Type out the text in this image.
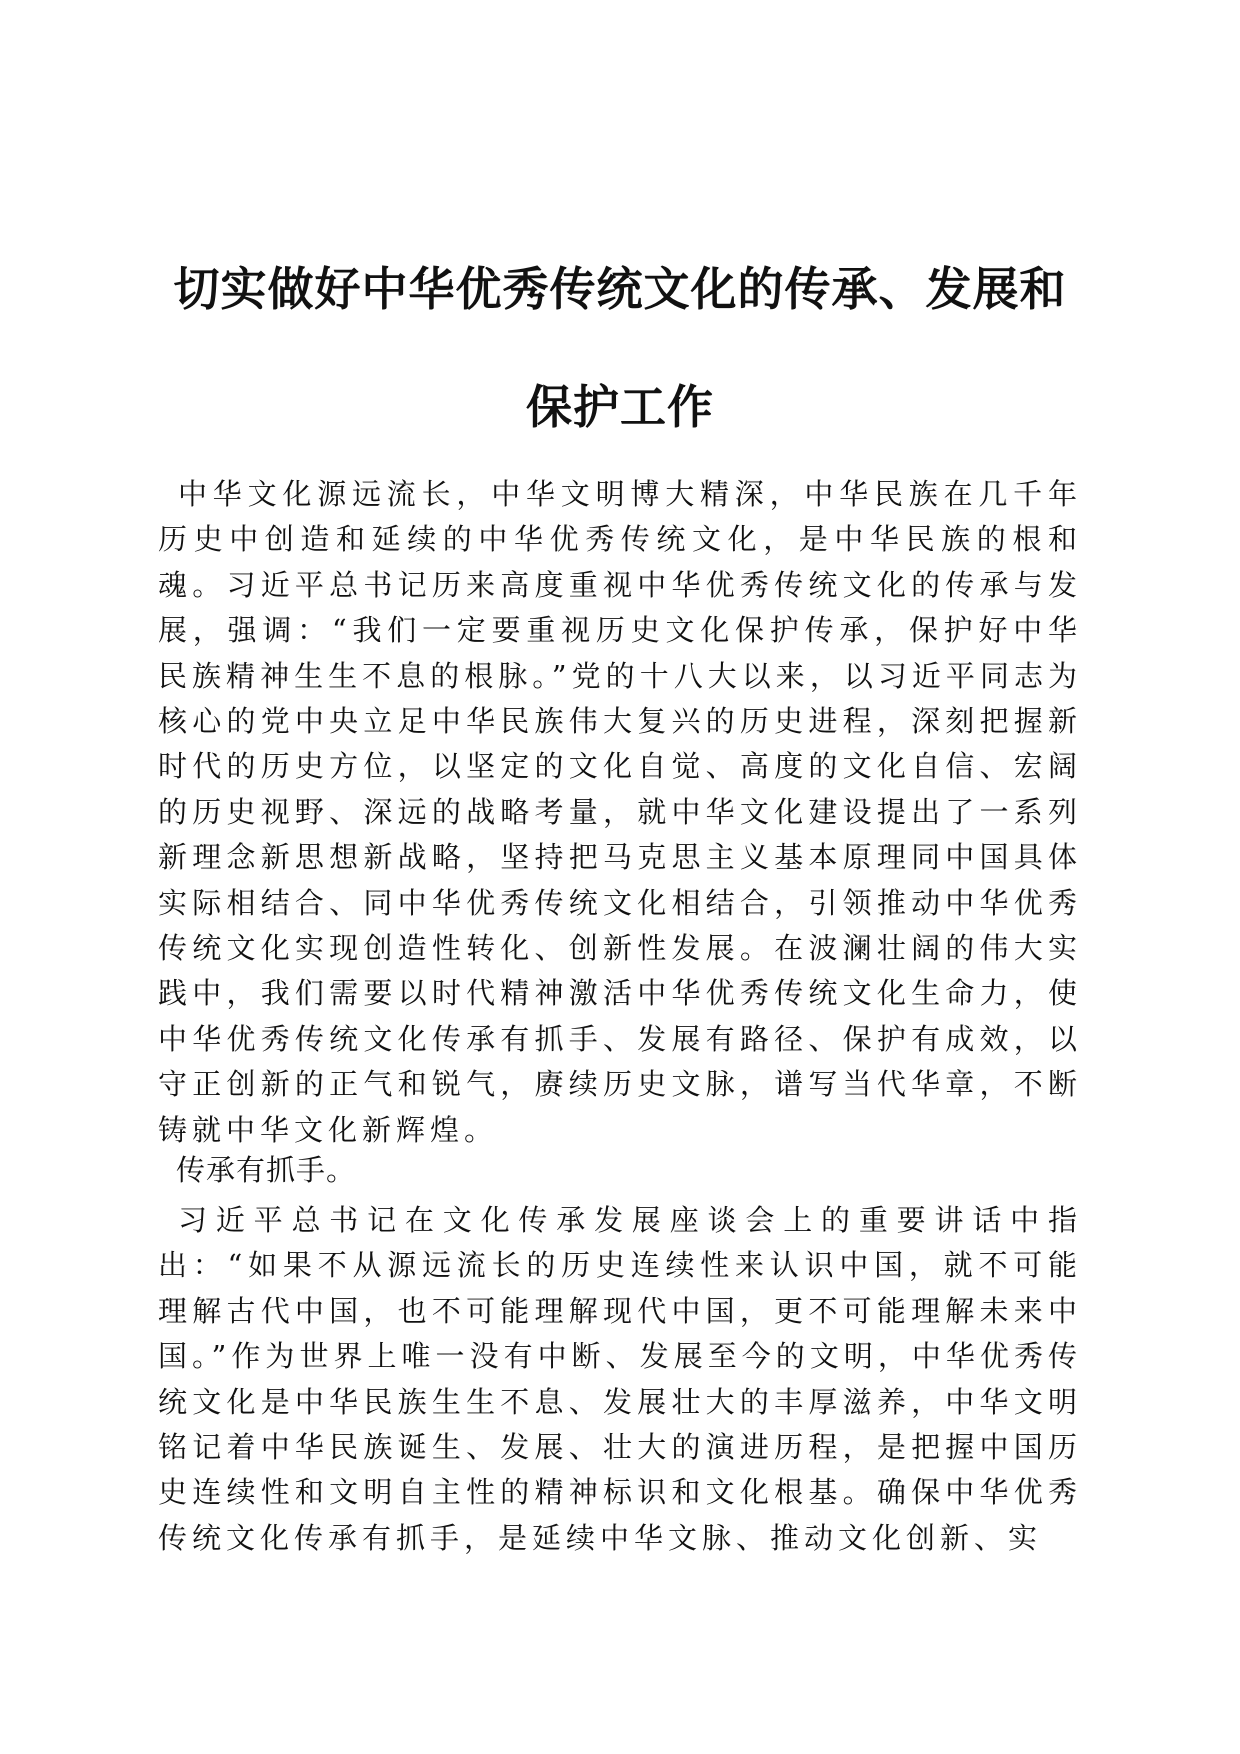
切实做好中华优秀传统文化的传承、发展和
保护工作

中华文化源远流长，中华文明博大精深，中华民族在几千年历史中创造和延续的中华优秀传统文化，是中华民族的根和魂。习近平总书记历来高度重视中华优秀传统文化的传承与发展，强调：“我们一定要重视历史文化保护传承，保护好中华民族精神生生不息的根脉。”党的十八大以来，以习近平同志为核心的党中央立足中华民族伟大复兴的历史进程，深刻把握新时代的历史方位，以坚定的文化自觉、高度的文化自信、宏阔的历史视野、深远的战略考量，就中华文化建设提出了一系列新理念新思想新战略，坚持把马克思主义基本原理同中国具体实际相结合、同中华优秀传统文化相结合，引领推动中华优秀传统文化实现创造性转化、创新性发展。在波澜壮阔的伟大实践中，我们需要以时代精神激活中华优秀传统文化生命力，使中华优秀传统文化传承有抓手、发展有路径、保护有成效，以守正创新的正气和锐气，赓续历史文脉，谱写当代华章，不断铸就中华文化新辉煌。

传承有抓手。

习近平总书记在文化传承发展座谈会上的重要讲话中指出：“如果不从源远流长的历史连续性来认识中国，就不可能理解古代中国，也不可能理解现代中国，更不可能理解未来中国。”作为世界上唯一没有中断、发展至今的文明，中华优秀传统文化是中华民族生生不息、发展壮大的丰厚滋养，中华文明铭记着中华民族诞生、发展、壮大的演进历程，是把握中国历史连续性和文明自主性的精神标识和文化根基。确保中华优秀传统文化传承有抓手，是延续中华文脉、推动文化创新、实
